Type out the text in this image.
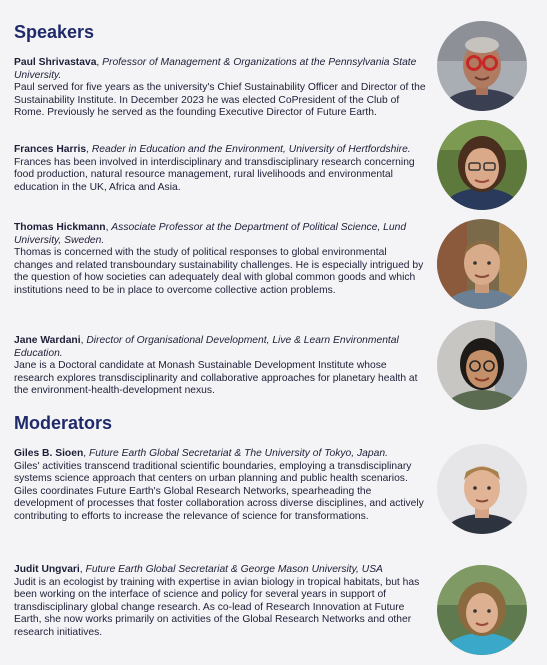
Speakers

Paul Shrivastava, Professor of Management & Organizations at the Pennsylvania State University.

Paul served for five years as the university's Chief Sustainability Officer and Director of the Sustainability Institute. In December 2023 he was elected CoPresident of the Club of Rome. Previously he served as the founding Executive Director of Future Earth.

Frances Harris, Reader in Education and the Environment, University of Hertfordshire.

Frances has been involved in interdisciplinary and transdisciplinary research concerning food production, natural resource management, rural livelihoods and environmental education in the UK, Africa and Asia.

Thomas Hickmann, Associate Professor at the Department of Political Science, Lund University, Sweden.

Thomas is concerned with the study of political responses to global environmental changes and related transboundary sustainability challenges. He is especially intrigued by the question of how societies can adequately deal with global common goods and which institutions need to be in place to overcome collective action problems.

Jane Wardani, Director of Organisational Development, Live & Learn Environmental Education.

Jane is a Doctoral candidate at Monash Sustainable Development Institute whose research explores transdisciplinarity and collaborative approaches for planetary health at the environment-health-development nexus.

Moderators

Giles B. Sioen, Future Earth Global Secretariat & The University of Tokyo, Japan.

Giles' activities transcend traditional scientific boundaries, employing a transdisciplinary systems science approach that centers on urban planning and public health scenarios. Giles coordinates Future Earth's Global Research Networks, spearheading the development of processes that foster collaboration across diverse disciplines, and actively contributing to efforts to increase the relevance of science for transformations.

Judit Ungvari, Future Earth Global Secretariat & George Mason University, USA

Judit is an ecologist by training with expertise in avian biology in tropical habitats, but has been working on the interface of science and policy for several years in support of transdisciplinary global change research. As co-lead of Research Innovation at Future Earth, she now works primarily on activities of the Global Research Networks and other research initiatives.
